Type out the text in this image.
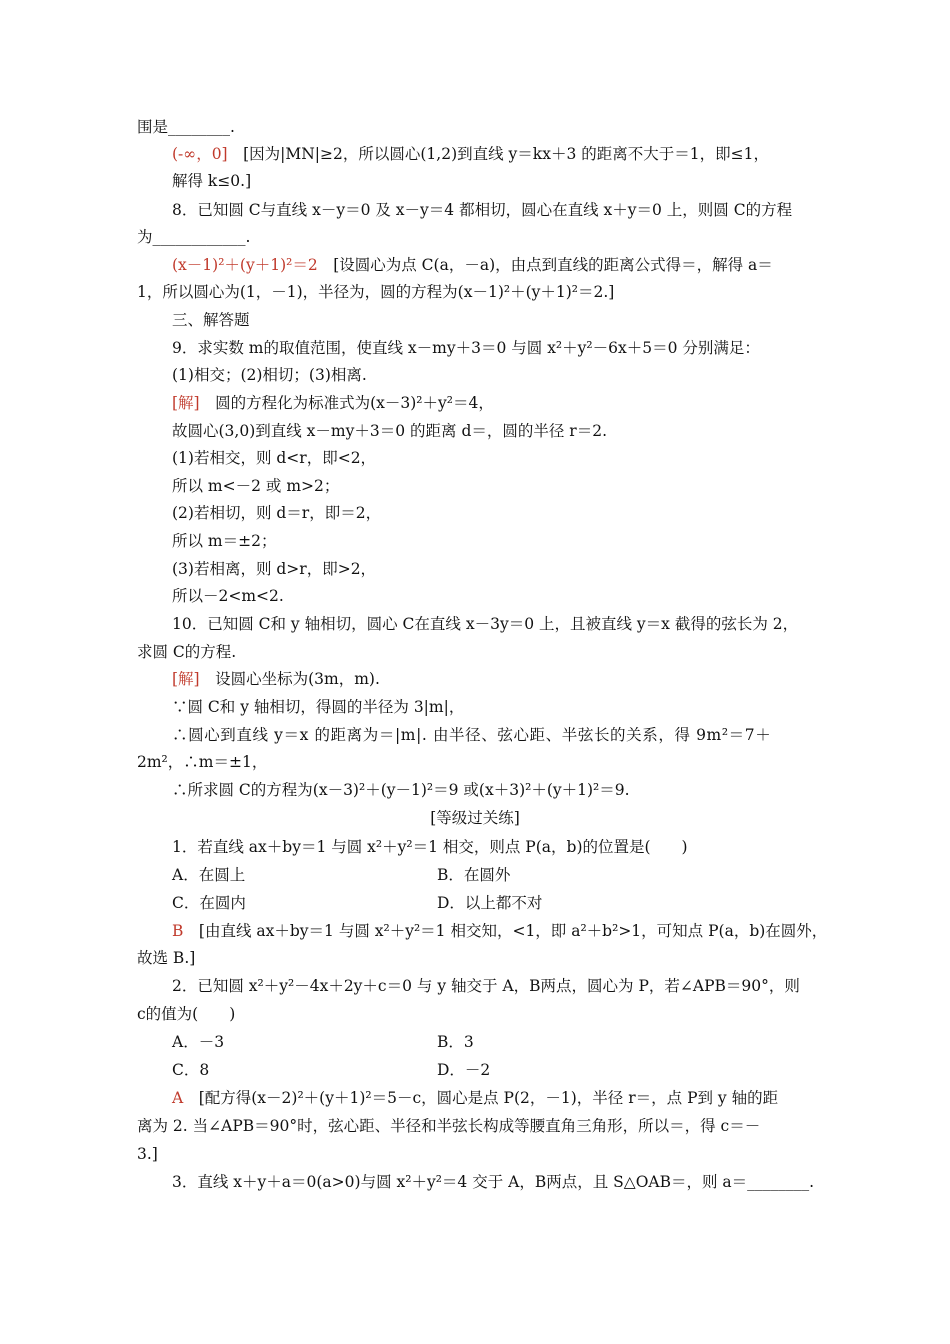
围是________.
(-∞，0]　[因为|MN|≥2，所以圆心(1,2)到直线 y＝kx＋3 的距离不大于＝1，即≤1，
解得 k≤0.]
8．已知圆 C与直线 x－y＝0 及 x－y＝4 都相切，圆心在直线 x＋y＝0 上，则圆 C的方程
为____________.
(x－1)²＋(y＋1)²＝2　[设圆心为点 C(a，－a)，由点到直线的距离公式得＝，解得 a＝
1，所以圆心为(1，－1)，半径为，圆的方程为(x－1)²＋(y＋1)²＝2.]
三、解答题
9．求实数 m的取值范围，使直线 x－my＋3＝0 与圆 x²＋y²－6x＋5＝0 分别满足：
(1)相交；(2)相切；(3)相离.
[解]　圆的方程化为标准式为(x－3)²＋y²＝4，
故圆心(3,0)到直线 x－my＋3＝0 的距离 d＝，圆的半径 r＝2.
(1)若相交，则 d<r，即<2，
所以 m<－2 或 m>2；
(2)若相切，则 d＝r，即＝2，
所以 m＝±2；
(3)若相离，则 d>r，即>2，
所以－2<m<2.
10．已知圆 C和 y 轴相切，圆心 C在直线 x－3y＝0 上，且被直线 y＝x 截得的弦长为 2，
求圆 C的方程.
[解]　设圆心坐标为(3m，m).
∵圆 C和 y 轴相切，得圆的半径为 3|m|，
∴圆心到直线 y＝x 的距离为＝|m|. 由半径、弦心距、半弦长的关系，得 9m²＝7＋
2m²，∴m＝±1，
∴所求圆 C的方程为(x－3)²＋(y－1)²＝9 或(x＋3)²＋(y＋1)²＝9.
[等级过关练]
1．若直线 ax＋by＝1 与圆 x²＋y²＝1 相交，则点 P(a，b)的位置是(　　)
A．在圆上	B．在圆外
C．在圆内	D．以上都不对
B　[由直线 ax＋by＝1 与圆 x²＋y²＝1 相交知，<1，即 a²＋b²>1，可知点 P(a，b)在圆外，
故选 B.]
2．已知圆 x²＋y²－4x＋2y＋c＝0 与 y 轴交于 A，B两点，圆心为 P，若∠APB＝90°，则
c的值为(　　)
A．－3	B．3
C．8	D．－2
A　[配方得(x－2)²＋(y＋1)²＝5－c，圆心是点 P(2，－1)，半径 r＝，点 P到 y 轴的距
离为 2. 当∠APB＝90°时，弦心距、半径和半弦长构成等腰直角三角形，所以＝，得 c＝－
3.]
3．直线 x＋y＋a＝0(a>0)与圆 x²＋y²＝4 交于 A，B两点，且 S△OAB＝，则 a＝________.
